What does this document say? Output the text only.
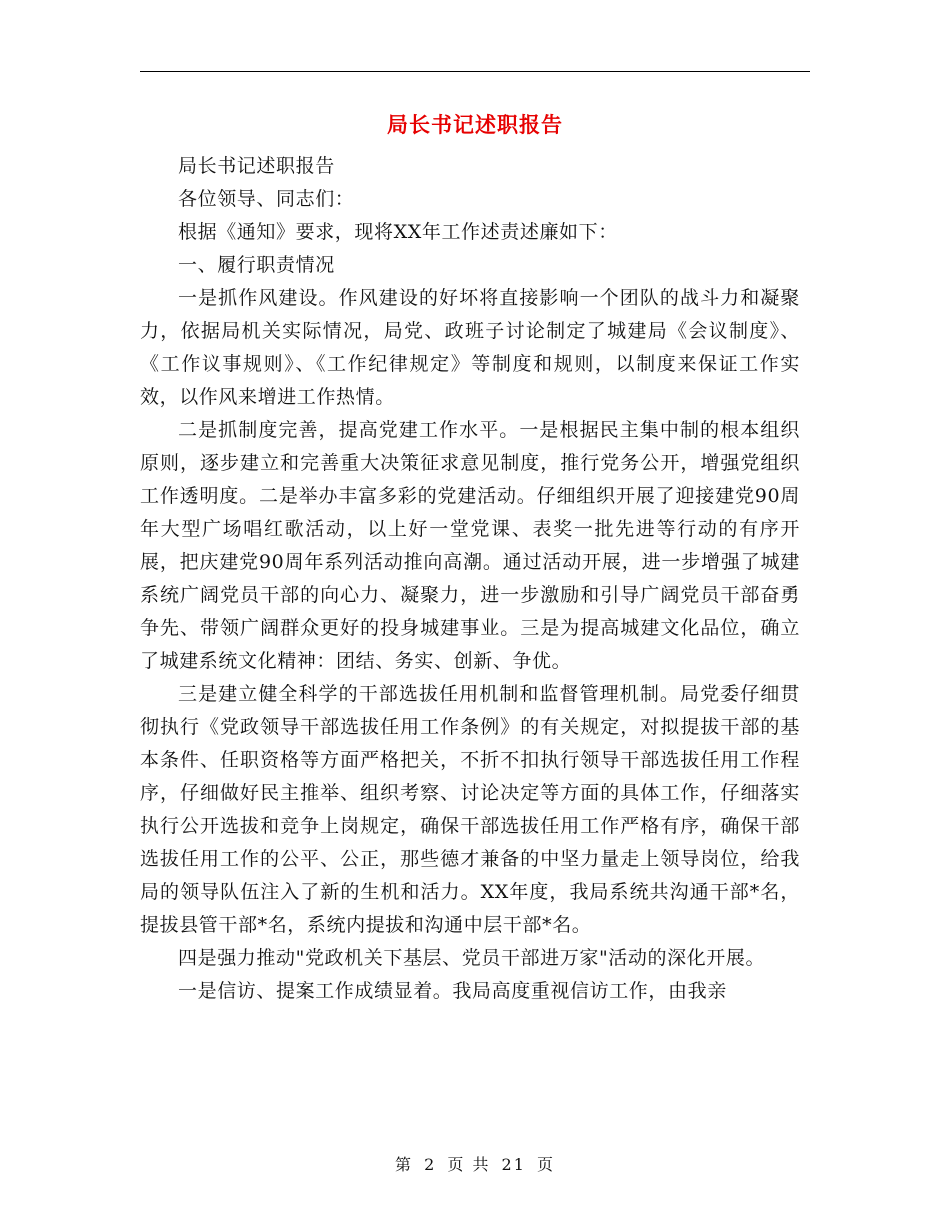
局长书记述职报告

局长书记述职报告

各位领导、同志们：

根据《通知》要求，现将XX年工作述责述廉如下：

一、履行职责情况

一是抓作风建设。作风建设的好坏将直接影响一个团队的战斗力和凝聚力，依据局机关实际情况，局党、政班子讨论制定了城建局《会议制度》、《工作议事规则》、《工作纪律规定》等制度和规则，以制度来保证工作实效，以作风来增进工作热情。

二是抓制度完善，提高党建工作水平。一是根据民主集中制的根本组织原则，逐步建立和完善重大决策征求意见制度，推行党务公开，增强党组织工作透明度。二是举办丰富多彩的党建活动。仔细组织开展了迎接建党90周年大型广场唱红歌活动，以上好一堂党课、表奖一批先进等行动的有序开展，把庆建党90周年系列活动推向高潮。通过活动开展，进一步增强了城建系统广阔党员干部的向心力、凝聚力，进一步激励和引导广阔党员干部奋勇争先、带领广阔群众更好的投身城建事业。三是为提高城建文化品位，确立了城建系统文化精神：团结、务实、创新、争优。

三是建立健全科学的干部选拔任用机制和监督管理机制。局党委仔细贯彻执行《党政领导干部选拔任用工作条例》的有关规定，对拟提拔干部的基本条件、任职资格等方面严格把关，不折不扣执行领导干部选拔任用工作程序，仔细做好民主推举、组织考察、讨论决定等方面的具体工作，仔细落实执行公开选拔和竞争上岗规定，确保干部选拔任用工作严格有序，确保干部选拔任用工作的公平、公正，那些德才兼备的中坚力量走上领导岗位，给我局的领导队伍注入了新的生机和活力。XX年度，我局系统共沟通干部*名，提拔县管干部*名，系统内提拔和沟通中层干部*名。

四是强力推动"党政机关下基层、党员干部进万家"活动的深化开展。

一是信访、提案工作成绩显着。我局高度重视信访工作，由我亲

第 2 页 共 21 页
